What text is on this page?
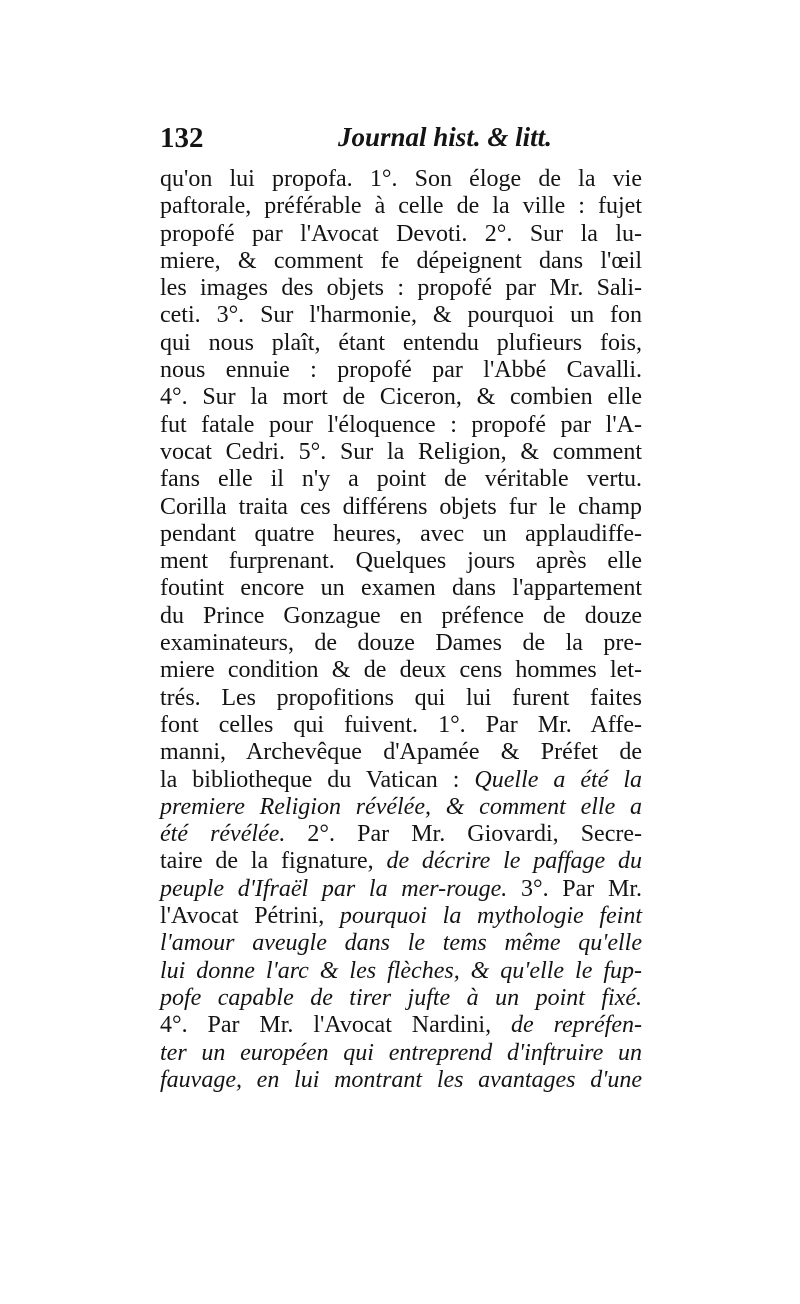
132	Journal hist. & litt.
qu'on lui propofa. 1°. Son éloge de la vie
paftorale, préférable à celle de la ville : fujet
propofé par l'Avocat Devoti. 2°. Sur la lu-
miere, & comment fe dépeignent dans l'œil
les images des objets : propofé par Mr. Sali-
ceti. 3°. Sur l'harmonie, & pourquoi un fon
qui nous plaît, étant entendu plufieurs fois,
nous ennuie : propofé par l'Abbé Cavalli.
4°. Sur la mort de Ciceron, & combien elle
fut fatale pour l'éloquence : propofé par l'A-
vocat Cedri. 5°. Sur la Religion, & comment
fans elle il n'y a point de véritable vertu.
Corilla traita ces différens objets fur le champ
pendant quatre heures, avec un applaudiffe-
ment furprenant. Quelques jours après elle
foutint encore un examen dans l'appartement
du Prince Gonzague en préfence de douze
examinateurs, de douze Dames de la pre-
miere condition & de deux cens hommes let-
trés. Les propofitions qui lui furent faites
font celles qui fuivent. 1°. Par Mr. Affe-
manni, Archevêque d'Apamée & Préfet de
la bibliotheque du Vatican : Quelle a été la
premiere Religion révélée, & comment elle a
été révélée. 2°. Par Mr. Giovardi, Secre-
taire de la fignature, de décrire le paffage du
peuple d'Ifraël par la mer-rouge. 3°. Par Mr.
l'Avocat Pétrini, pourquoi la mythologie feint
l'amour aveugle dans le tems même qu'elle
lui donne l'arc & les flèches, & qu'elle le fup-
pofe capable de tirer jufte à un point fixé.
4°. Par Mr. l'Avocat Nardini, de repréfen-
ter un européen qui entreprend d'inftruire un
fauvage, en lui montrant les avantages d'une
